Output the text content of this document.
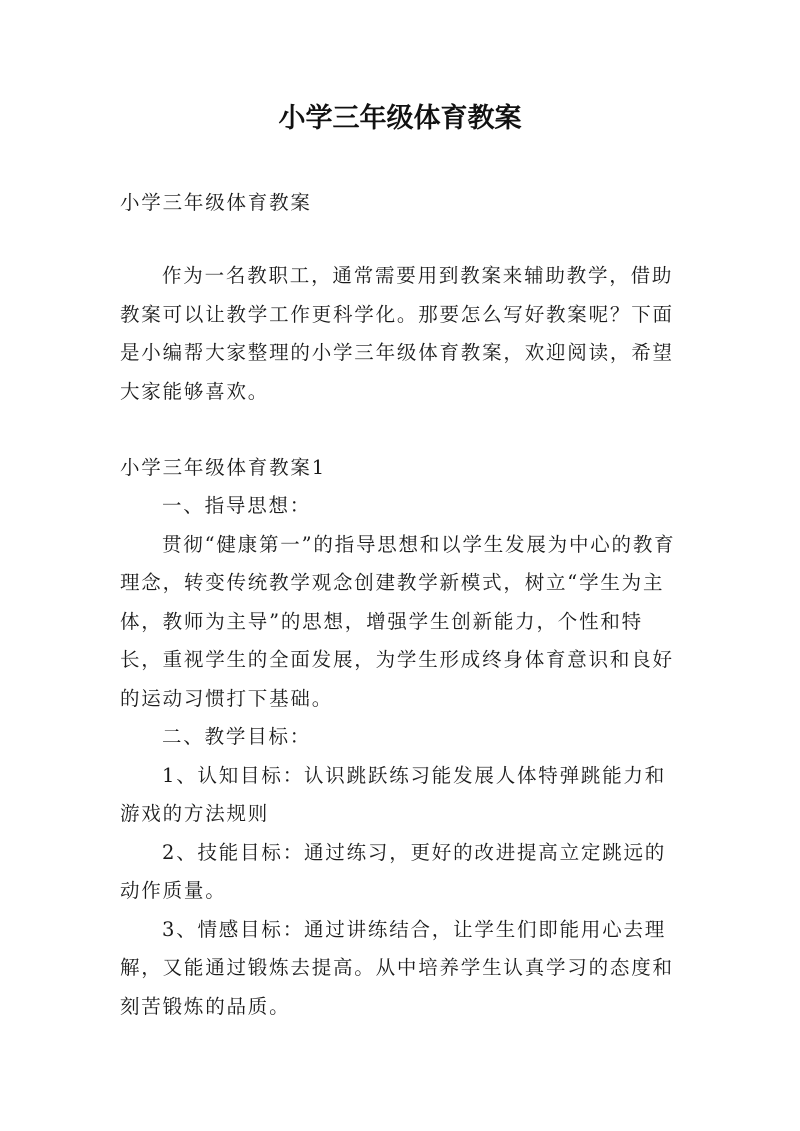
小学三年级体育教案

小学三年级体育教案

作为一名教职工，通常需要用到教案来辅助教学，借助教案可以让教学工作更科学化。那要怎么写好教案呢？下面是小编帮大家整理的小学三年级体育教案，欢迎阅读，希望大家能够喜欢。

小学三年级体育教案1

一、指导思想：

贯彻“健康第一”的指导思想和以学生发展为中心的教育理念，转变传统教学观念创建教学新模式，树立“学生为主体，教师为主导”的思想，增强学生创新能力，个性和特长，重视学生的全面发展，为学生形成终身体育意识和良好的运动习惯打下基础。

二、教学目标：

1、认知目标：认识跳跃练习能发展人体特弹跳能力和游戏的方法规则

2、技能目标：通过练习，更好的改进提高立定跳远的动作质量。

3、情感目标：通过讲练结合，让学生们即能用心去理解，又能通过锻炼去提高。从中培养学生认真学习的态度和刻苦锻炼的品质。
